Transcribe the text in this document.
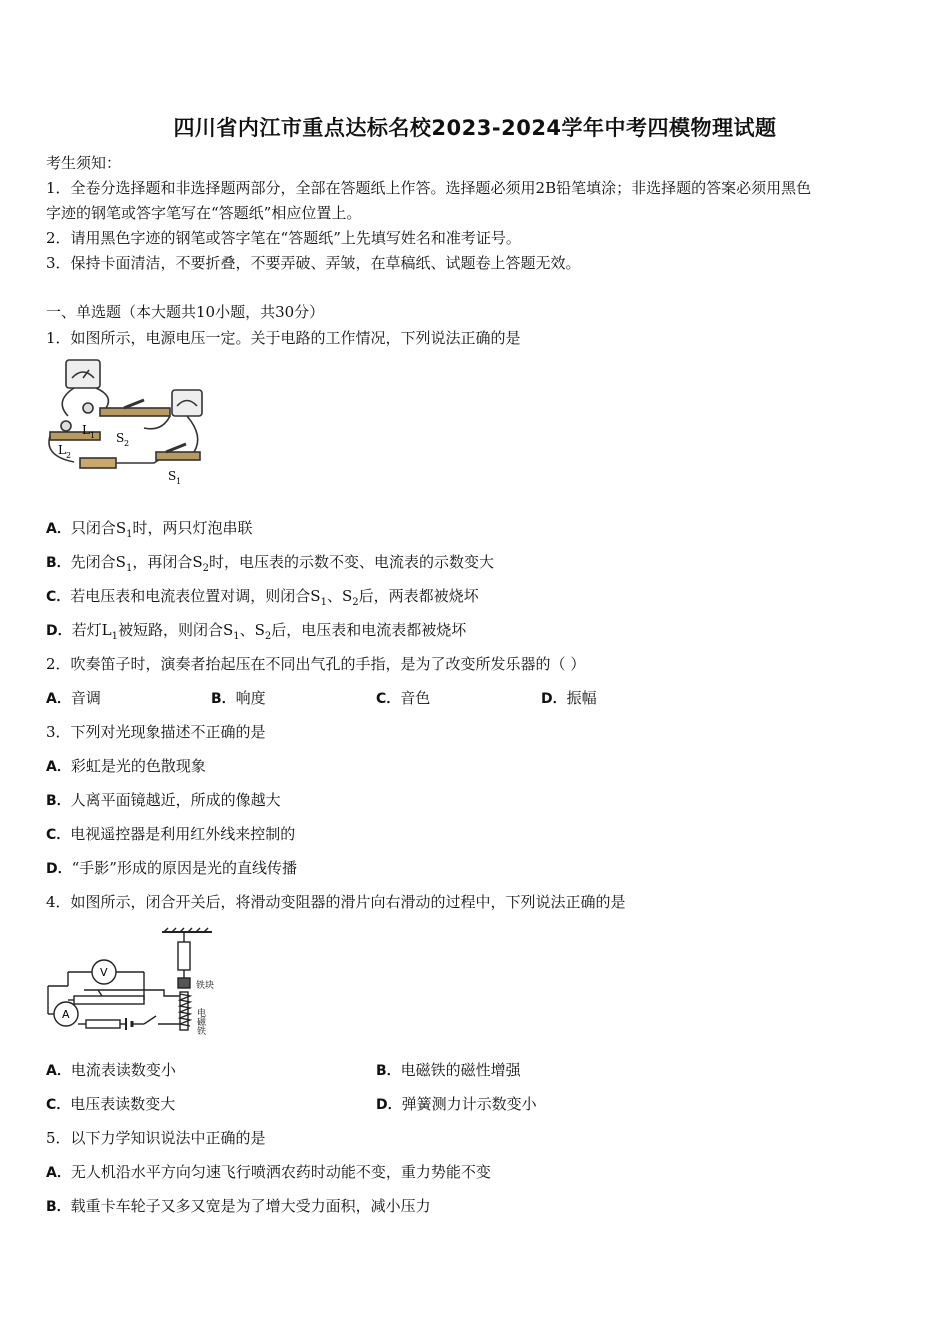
四川省内江市重点达标名校2023-2024学年中考四模物理试题
考生须知：
1．全卷分选择题和非选择题两部分，全部在答题纸上作答。选择题必须用2B铅笔填涂；非选择题的答案必须用黑色
字迹的钢笔或答字笔写在“答题纸”相应位置上。
2．请用黑色字迹的钢笔或答字笔在“答题纸”上先填写姓名和准考证号。
3．保持卡面清洁，不要折叠，不要弄破、弄皱，在草稿纸、试题卷上答题无效。
一、单选题（本大题共10小题，共30分）
1．如图所示，电源电压一定。关于电路的工作情况，下列说法正确的是
L 1 S 2
L 2
S 1
A．只闭合$S_1$时，两只灯泡串联
B．先闭合$S_1$，再闭合$S_2$时，电压表的示数不变、电流表的示数变大
C．若电压表和电流表位置对调，则闭合$S_1$、$S_2$后，两表都被烧坏
D．若灯$L_1$被短路，则闭合$S_1$、$S_2$后，电压表和电流表都被烧坏
2．吹奏笛子时，演奏者抬起压在不同出气孔的手指，是为了改变所发乐器的（ ）
A．音调	B．响度	C．音色	D．振幅
3．下列对光现象描述不正确的是
A．彩虹是光的色散现象
B．人离平面镜越近，所成的像越大
C．电视遥控器是利用红外线来控制的
D．“手影”形成的原因是光的直线传播
4．如图所示，闭合开关后，将滑动变阻器的滑片向右滑动的过程中，下列说法正确的是
V
A
铁块
电磁铁
A．电流表读数变小	B．电磁铁的磁性增强
C．电压表读数变大	D．弹簧测力计示数变小
5．以下力学知识说法中正确的是
A．无人机沿水平方向匀速飞行喷洒农药时动能不变，重力势能不变
B．载重卡车轮子又多又宽是为了增大受力面积，减小压力
